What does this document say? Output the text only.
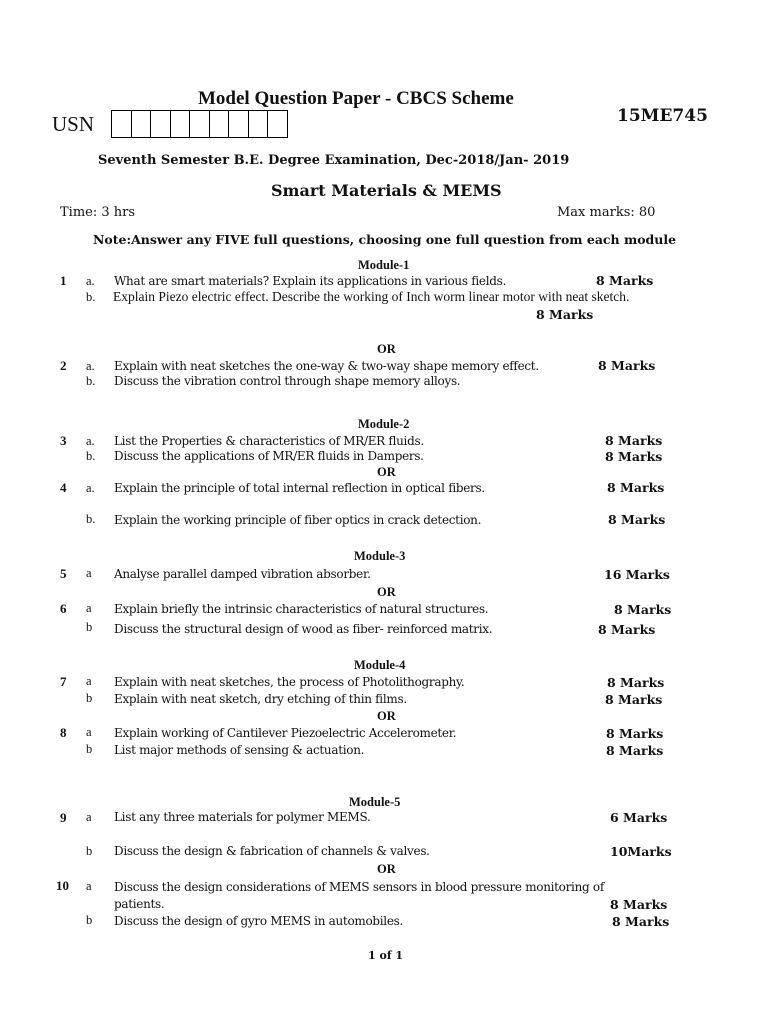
Model Question Paper - CBCS Scheme
USN	15ME745
Seventh Semester B.E. Degree Examination, Dec-2018/Jan- 2019
Smart Materials & MEMS
Time: 3 hrs	Max marks: 80
Note:Answer any FIVE full questions, choosing one full question from each module
Module-1
1 a. What are smart materials? Explain its applications in various fields.	8 Marks
b. Explain Piezo electric effect. Describe the working of Inch worm linear motor with neat sketch.
8 Marks
OR
2 a. Explain with neat sketches the one-way & two-way shape memory effect.	8 Marks
b. Discuss the vibration control through shape memory alloys.
Module-2
3 a. List the Properties & characteristics of MR/ER fluids.	8 Marks
b. Discuss the applications of MR/ER fluids in Dampers.	8 Marks
OR
4 a. Explain the principle of total internal reflection in optical fibers.	8 Marks
b. Explain the working principle of fiber optics in crack detection.	8 Marks
Module-3
5 a Analyse parallel damped vibration absorber.	16 Marks
OR
6 a Explain briefly the intrinsic characteristics of natural structures.	8 Marks
b Discuss the structural design of wood as fiber- reinforced matrix.	8 Marks
Module-4
7 a Explain with neat sketches, the process of Photolithography.	8 Marks
b Explain with neat sketch, dry etching of thin films.	8 Marks
OR
8 a Explain working of Cantilever Piezoelectric Accelerometer.	8 Marks
b List major methods of sensing & actuation.	8 Marks
Module-5
9 a List any three materials for polymer MEMS.	6 Marks
b Discuss the design & fabrication of channels & valves.	10Marks
OR
10 a Discuss the design considerations of MEMS sensors in blood pressure monitoring of
patients.	8 Marks
b Discuss the design of gyro MEMS in automobiles.	8 Marks
1 of 1
